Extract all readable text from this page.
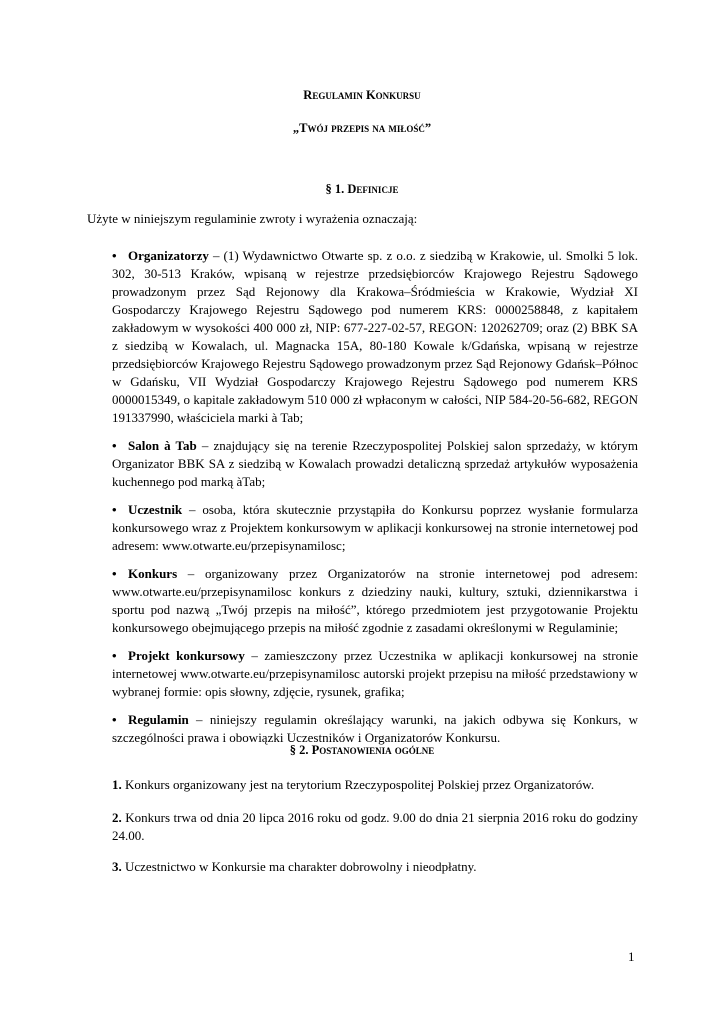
Regulamin Konkursu
„Twój przepis na miłość”
§ 1. Definicje
Użyte w niniejszym regulaminie zwroty i wyrażenia oznaczają:
• Organizatorzy – (1) Wydawnictwo Otwarte sp. z o.o. z siedzibą w Krakowie, ul. Smolki 5 lok. 302, 30-513 Kraków, wpisaną w rejestrze przedsiębiorców Krajowego Rejestru Sądowego prowadzonym przez Sąd Rejonowy dla Krakowa–Śródmieścia w Krakowie, Wydział XI Gospodarczy Krajowego Rejestru Sądowego pod numerem KRS: 0000258848, z kapitałem zakładowym w wysokości 400 000 zł, NIP: 677-227-02-57, REGON: 120262709; oraz (2) BBK SA z siedzibą w Kowalach, ul. Magnacka 15A, 80-180 Kowale k/Gdańska, wpisaną w rejestrze przedsiębiorców Krajowego Rejestru Sądowego prowadzonym przez Sąd Rejonowy Gdańsk–Północ w Gdańsku, VII Wydział Gospodarczy Krajowego Rejestru Sądowego pod numerem KRS 0000015349, o kapitale zakładowym 510 000 zł wpłaconym w całości, NIP 584-20-56-682, REGON 191337990, właściciela marki à Tab;
• Salon à Tab – znajdujący się na terenie Rzeczypospolitej Polskiej salon sprzedaży, w którym Organizator BBK SA z siedzibą w Kowalach prowadzi detaliczną sprzedaż artykułów wyposażenia kuchennego pod marką àTab;
• Uczestnik – osoba, która skutecznie przystąpiła do Konkursu poprzez wysłanie formularza konkursowego wraz z Projektem konkursowym w aplikacji konkursowej na stronie internetowej pod adresem: www.otwarte.eu/przepisynamilosc;
• Konkurs – organizowany przez Organizatorów na stronie internetowej pod adresem: www.otwarte.eu/przepisynamilosc konkurs z dziedziny nauki, kultury, sztuki, dziennikarstwa i sportu pod nazwą „Twój przepis na miłość”, którego przedmiotem jest przygotowanie Projektu konkursowego obejmującego przepis na miłość zgodnie z zasadami określonymi w Regulaminie;
• Projekt konkursowy – zamieszczony przez Uczestnika w aplikacji konkursowej na stronie internetowej www.otwarte.eu/przepisynamilosc autorski projekt przepisu na miłość przedstawiony w wybranej formie: opis słowny, zdjęcie, rysunek, grafika;
• Regulamin – niniejszy regulamin określający warunki, na jakich odbywa się Konkurs, w szczególności prawa i obowiązki Uczestników i Organizatorów Konkursu.
§ 2. Postanowienia ogólne
1. Konkurs organizowany jest na terytorium Rzeczypospolitej Polskiej przez Organizatorów.
2. Konkurs trwa od dnia 20 lipca 2016 roku od godz. 9.00 do dnia 21 sierpnia 2016 roku do godziny 24.00.
3. Uczestnictwo w Konkursie ma charakter dobrowolny i nieodpłatny.
1
